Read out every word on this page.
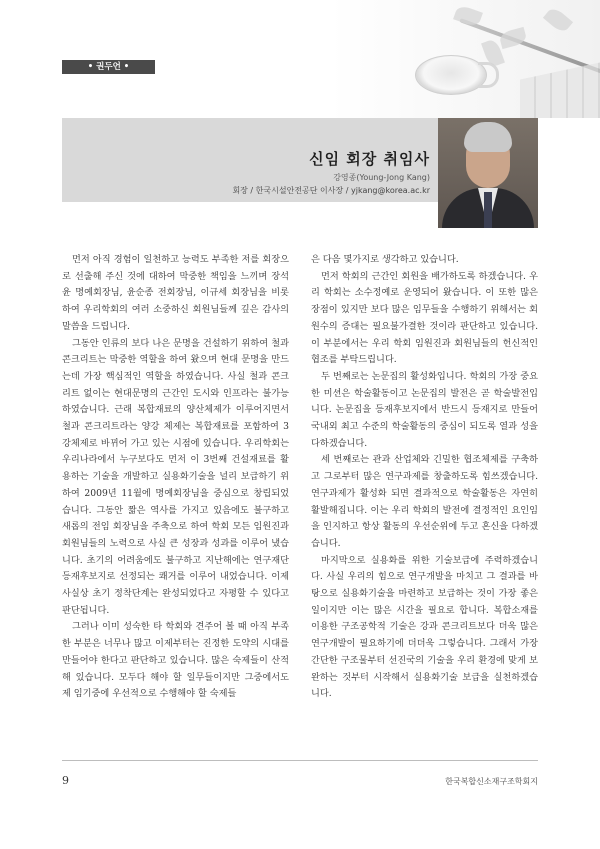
• 권두언 •
신임 회장 취임사
강영종(Young-Jong Kang)
회장 / 한국시설안전공단 이사장 / yjkang@korea.ac.kr

먼저 아직 경험이 일천하고 능력도 부족한 저를 회장으로 선출해 주신 것에 대하여 막중한 책임을 느끼며 장석윤 명예회장님, 윤순종 전회장님, 이규세 회장님을 비롯하여 우리학회의 여러 소중하신 회원님들께 깊은 감사의 말씀을 드립니다.

그동안 인류의 보다 나은 문명을 건설하기 위하여 철과 콘크리트는 막중한 역할을 하여 왔으며 현대 문명을 만드는데 가장 핵심적인 역할을 하였습니다. 사실 철과 콘크리트 없이는 현대문명의 근간인 도시와 인프라는 불가능하였습니다. 근래 복합재료의 양산체제가 이루어지면서 철과 콘크리트라는 양강 체제는 복합재료를 포함하여 3강체제로 바뀌어 가고 있는 시점에 있습니다. 우리학회는 우리나라에서 누구보다도 먼저 이 3번째 건설재료를 활용하는 기술을 개발하고 실용화기술을 널리 보급하기 위하여 2009년 11월에 명예회장님을 중심으로 창립되었습니다. 그동안 짧은 역사를 가지고 있음에도 불구하고 새롭의 전임 회장님을 주축으로 하여 학회 모든 임원진과 회원님들의 노력으로 사실 큰 성장과 성과를 이루어 냈습니다. 초기의 어려움에도 불구하고 지난해에는 연구재단 등재후보지로 선정되는 쾌거를 이루어 내었습니다. 이제 사실상 초기 정착단계는 완성되었다고 자평할 수 있다고 판단됩니다.

그러나 이미 성숙한 타 학회와 견주어 볼 때 아직 부족한 부분은 너무나 많고 이제부터는 진정한 도약의 시대를 만들어야 한다고 판단하고 있습니다. 많은 숙제들이 산적해 있습니다. 모두다 해야 할 일무들이지만 그중에서도 제 임기중에 우선적으로 수행해야 할 숙제들

은 다음 몇가지로 생각하고 있습니다.

먼저 학회의 근간인 회원을 배가하도록 하겠습니다. 우리 학회는 소수정예로 운영되어 왔습니다. 이 또한 많은 장점이 있지만 보다 많은 임무들을 수행하기 위해서는 회원수의 증대는 필요불가결한 것이라 판단하고 있습니다. 이 부분에서는 우리 학회 임원진과 회원님들의 헌신적인 협조를 부탁드립니다.

두 번째로는 논문집의 활성화입니다. 학회의 가장 중요한 미션은 학술활동이고 논문집의 발전은 곧 학술발전입니다. 논문집을 등재후보지에서 반드시 등재지로 만들어 국내외 최고 수준의 학술활동의 중심이 되도록 열과 성을 다하겠습니다.

세 번째로는 관과 산업체와 긴밀한 협조체제를 구축하고 그로부터 많은 연구과제를 창출하도록 힘쓰겠습니다. 연구과제가 활성화 되면 결과적으로 학술활동은 자연히 활발해집니다. 이는 우리 학회의 발전에 결정적인 요인임을 인지하고 항상 활동의 우선순위에 두고 혼신을 다하겠습니다.

마지막으로 실용화를 위한 기술보급에 주력하겠습니다. 사실 우리의 힘으로 연구개발을 마치고 그 결과를 바탕으로 실용화기술을 마련하고 보급하는 것이 가장 좋은 일이지만 이는 많은 시간을 필요로 합니다. 복합소재를 이용한 구조공학적 기술은 강과 콘크리트보다 더욱 많은 연구개발이 필요하기에 더더욱 그렇습니다. 그래서 가장 간단한 구조물부터 선진국의 기술을 우리 환경에 맞게 보완하는 것부터 시작해서 실용화기술 보급을 실천하겠습니다.

9	한국복합신소재구조학회지
